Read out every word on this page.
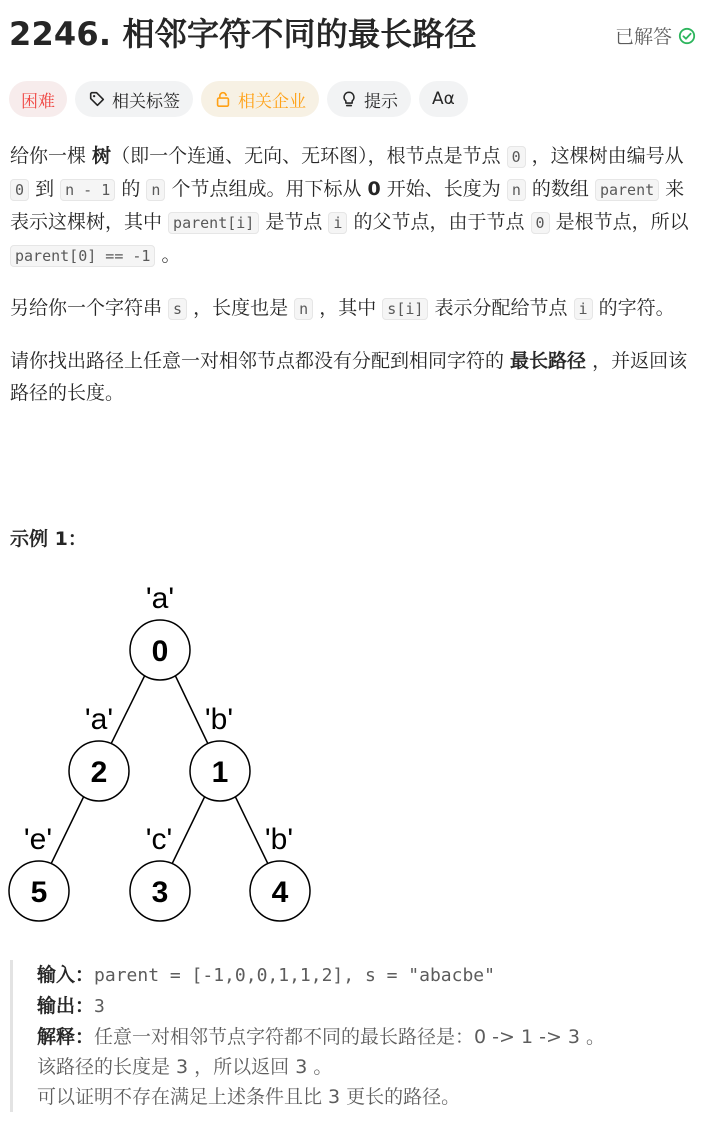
2246. 相邻字符不同的最长路径	已解答
困难	相关标签	相关企业	提示 Aα

给你一棵 树（即一个连通、无向、无环图），根节点是节点 0 ，这棵树由编号从 0 到 n - 1 的 n 个节点组成。用下标从 0 开始、长度为 n 的数组 parent 来表示这棵树，其中 parent[i] 是节点 i 的父节点，由于节点 0 是根节点，所以 parent[0] == -1 。

另给你一个字符串 s ，长度也是 n ，其中 s[i] 表示分配给节点 i 的字符。

请你找出路径上任意一对相邻节点都没有分配到相同字符的 最长路径 ，并返回该路径的长度。

示例 1：
'a'
0
'a'
2
'b'
1
'e'
5
'c'
3
'b'
4
输入：parent = [-1,0,0,1,1,2], s = "abacbe"
输出：3
解释：任意一对相邻节点字符都不同的最长路径是：0 -> 1 -> 3 。
该路径的长度是 3 ，所以返回 3 。
可以证明不存在满足上述条件且比 3 更长的路径。
